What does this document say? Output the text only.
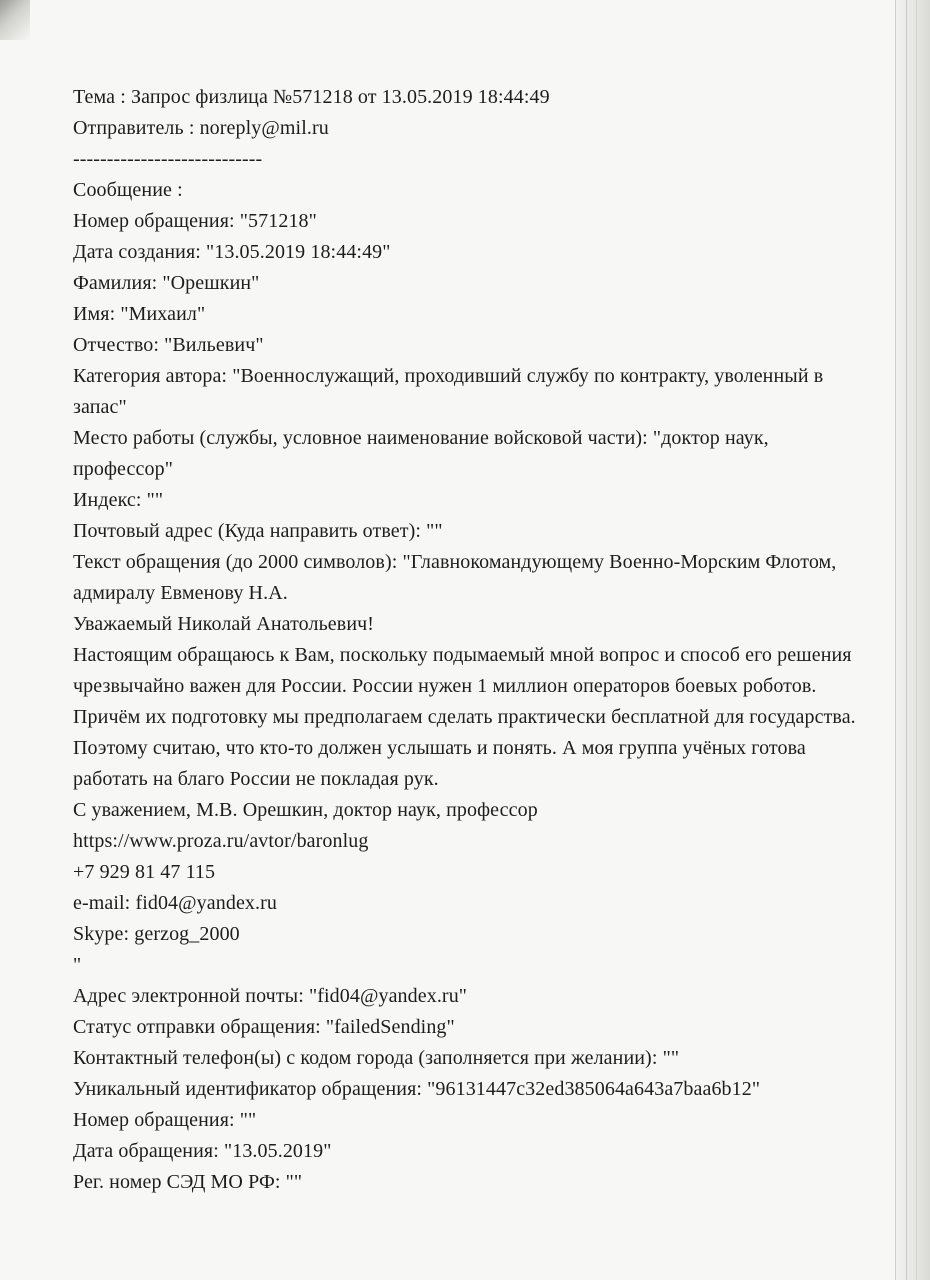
Тема : Запрос физлица №571218 от 13.05.2019 18:44:49
Отправитель : noreply@mil.ru
----------------------------
Сообщение :
Номер обращения: "571218"
Дата создания: "13.05.2019 18:44:49"
Фамилия: "Орешкин"
Имя: "Михаил"
Отчество: "Вильевич"
Категория автора: "Военнослужащий, проходивший службу по контракту, уволенный в запас"
Место работы (службы, условное наименование войсковой части): "доктор наук, профессор"
Индекс: ""
Почтовый адрес (Куда направить ответ): ""
Текст обращения (до 2000 символов): "Главнокомандующему Военно-Морским Флотом, адмиралу Евменову Н.А.
Уважаемый Николай Анатольевич!
Настоящим обращаюсь к Вам, поскольку подымаемый мной вопрос и способ его решения чрезвычайно важен для России. России нужен 1 миллион операторов боевых роботов. Причём их подготовку мы предполагаем сделать практически бесплатной для государства. Поэтому считаю, что кто-то должен услышать и понять. А моя группа учёных готова работать на благо России не покладая рук.
С уважением, М.В. Орешкин, доктор наук, профессор
https://www.proza.ru/avtor/baronlug
+7 929 81 47 115
e-mail: fid04@yandex.ru
Skype: gerzog_2000
"
Адрес электронной почты: "fid04@yandex.ru"
Статус отправки обращения: "failedSending"
Контактный телефон(ы) с кодом города (заполняется при желании): ""
Уникальный идентификатор обращения: "96131447c32ed385064a643a7baa6b12"
Номер обращения: ""
Дата обращения: "13.05.2019"
Рег. номер СЭД МО РФ: ""
